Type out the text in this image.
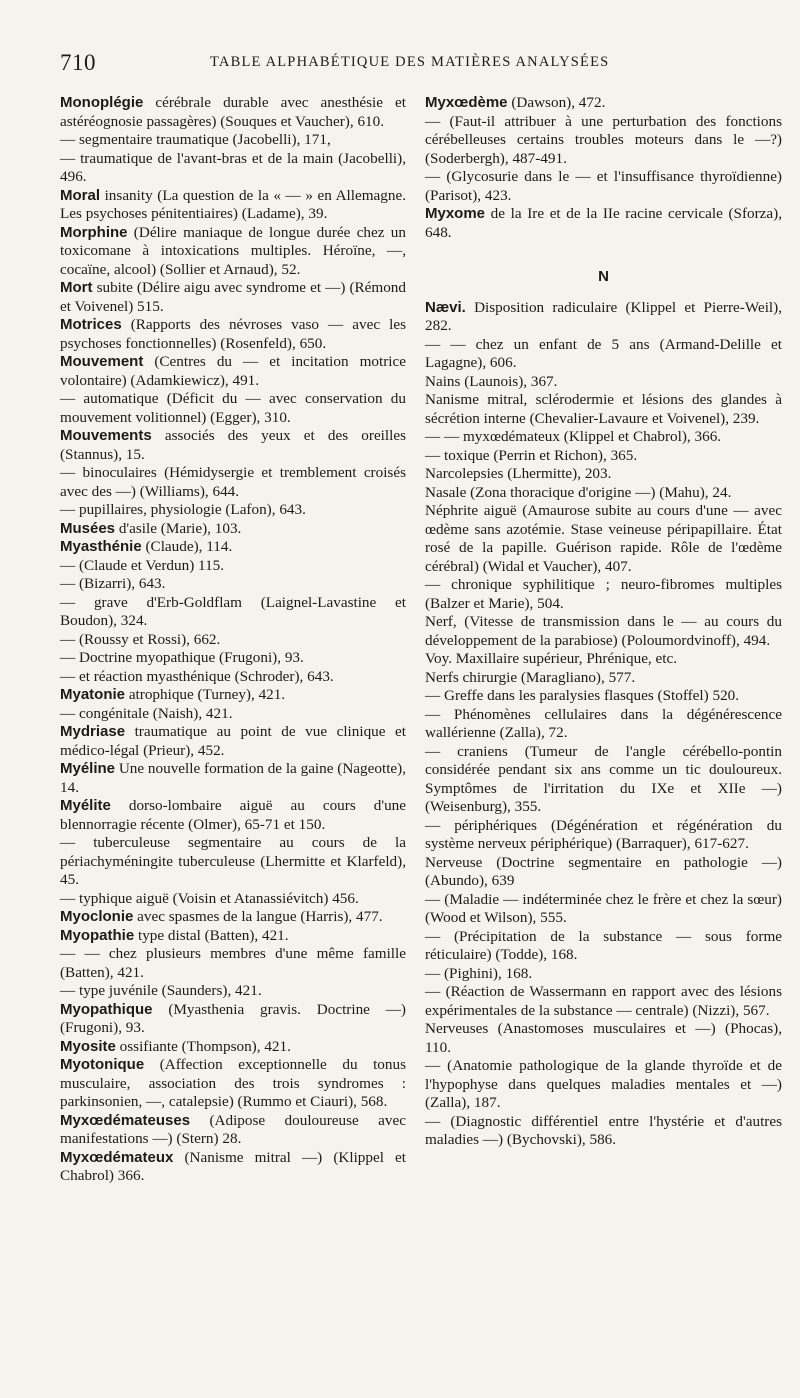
710	TABLE ALPHABÉTIQUE DES MATIÈRES ANALYSÉES
Monoplégie cérébrale durable avec anesthésie et astéréognosie passagères) (Souques et Vaucher), 610.
— segmentaire traumatique (Jacobelli), 171,
— traumatique de l'avant-bras et de la main (Jacobelli), 496.
Moral insanity (La question de la « — » en Allemagne. Les psychoses pénitentiaires) (Ladame), 39.
Morphine (Délire maniaque de longue durée chez un toxicomane à intoxications multiples. Héroïne, —, cocaïne, alcool) (Sollier et Arnaud), 52.
Mort subite (Délire aigu avec syndrome et —) (Rémond et Voivenel) 515.
Motrices (Rapports des névroses vaso — avec les psychoses fonctionnelles) (Rosenfeld), 650.
Mouvement (Centres du — et incitation motrice volontaire) (Adamkiewicz), 491.
— automatique (Déficit du — avec conservation du mouvement volitionnel) (Egger), 310.
Mouvements associés des yeux et des oreilles (Stannus), 15.
— binoculaires (Hémidysergie et tremblement croisés avec des —) (Williams), 644.
— pupillaires, physiologie (Lafon), 643.
Musées d'asile (Marie), 103.
Myasthénie (Claude), 114.
— (Claude et Verdun) 115.
— (Bizarri), 643.
— grave d'Erb-Goldflam (Laignel-Lavastine et Boudon), 324.
— (Roussy et Rossi), 662.
— Doctrine myopathique (Frugoni), 93.
— et réaction myasthénique (Schroder), 643.
Myatonie atrophique (Turney), 421.
— congénitale (Naish), 421.
Mydriase traumatique au point de vue clinique et médico-légal (Prieur), 452.
Myéline Une nouvelle formation de la gaine (Nageotte), 14.
Myélite dorso-lombaire aiguë au cours d'une blennorragie récente (Olmer), 65-71 et 150.
— tuberculeuse segmentaire au cours de la périachyméningite tuberculeuse (Lhermitte et Klarfeld), 45.
— typhique aiguë (Voisin et Atanassiévitch) 456.
Myoclonie avec spasmes de la langue (Harris), 477.
Myopathie type distal (Batten), 421.
— — chez plusieurs membres d'une même famille (Batten), 421.
— type juvénile (Saunders), 421.
Myopathique (Myasthenia gravis. Doctrine —) (Frugoni), 93.
Myosite ossifiante (Thompson), 421.
Myotonique (Affection exceptionnelle du tonus musculaire, association des trois syndromes : parkinsonien, —, catalepsie) (Rummo et Ciauri), 568.
Myxœdémateuses (Adipose douloureuse avec manifestations —) (Stern) 28.
Myxœdémateux (Nanisme mitral —) (Klippel et Chabrol) 366.
Myxœdème (Dawson), 472.
— (Faut-il attribuer à une perturbation des fonctions cérébelleuses certains troubles moteurs dans le —?) (Soderbergh), 487-491.
— (Glycosurie dans le — et l'insuffisance thyroïdienne) (Parisot), 423.
Myxome de la Ire et de la IIe racine cervicale (Sforza), 648.
N
Nævi. Disposition radiculaire (Klippel et Pierre-Weil), 282.
— — chez un enfant de 5 ans (Armand-Delille et Lagagne), 606.
Nains (Launois), 367.
Nanisme mitral, sclérodermie et lésions des glandes à sécrétion interne (Chevalier-Lavaure et Voivenel), 239.
— — myxœdémateux (Klippel et Chabrol), 366.
— toxique (Perrin et Richon), 365.
Narcolepsies (Lhermitte), 203.
Nasale (Zona thoracique d'origine —) (Mahu), 24.
Néphrite aiguë (Amaurose subite au cours d'une — avec œdème sans azotémie. Stase veineuse péripapillaire. État rosé de la papille. Guérison rapide. Rôle de l'œdème cérébral) (Widal et Vaucher), 407.
— chronique syphilitique ; neuro-fibromes multiples (Balzer et Marie), 504.
Nerf, (Vitesse de transmission dans le — au cours du développement de la parabiose) (Poloumordvinoff), 494.
Voy. Maxillaire supérieur, Phrénique, etc.
Nerfs chirurgie (Maragliano), 577.
— Greffe dans les paralysies flasques (Stoffel) 520.
— Phénomènes cellulaires dans la dégénérescence wallérienne (Zalla), 72.
— craniens (Tumeur de l'angle cérébello-pontin considérée pendant six ans comme un tic douloureux. Symptômes de l'irritation du IXe et XIIe —) (Weisenburg), 355.
— périphériques (Dégénération et régénération du système nerveux périphérique) (Barraquer), 617-627.
Nerveuse (Doctrine segmentaire en pathologie —) (Abundo), 639
— (Maladie — indéterminée chez le frère et chez la sœur) (Wood et Wilson), 555.
— (Précipitation de la substance — sous forme réticulaire) (Todde), 168.
— (Pighini), 168.
— (Réaction de Wassermann en rapport avec des lésions expérimentales de la substance — centrale) (Nizzi), 567.
Nerveuses (Anastomoses musculaires et —) (Phocas), 110.
— (Anatomie pathologique de la glande thyroïde et de l'hypophyse dans quelques maladies mentales et —) (Zalla), 187.
— (Diagnostic différentiel entre l'hystérie et d'autres maladies —) (Bychovski), 586.
